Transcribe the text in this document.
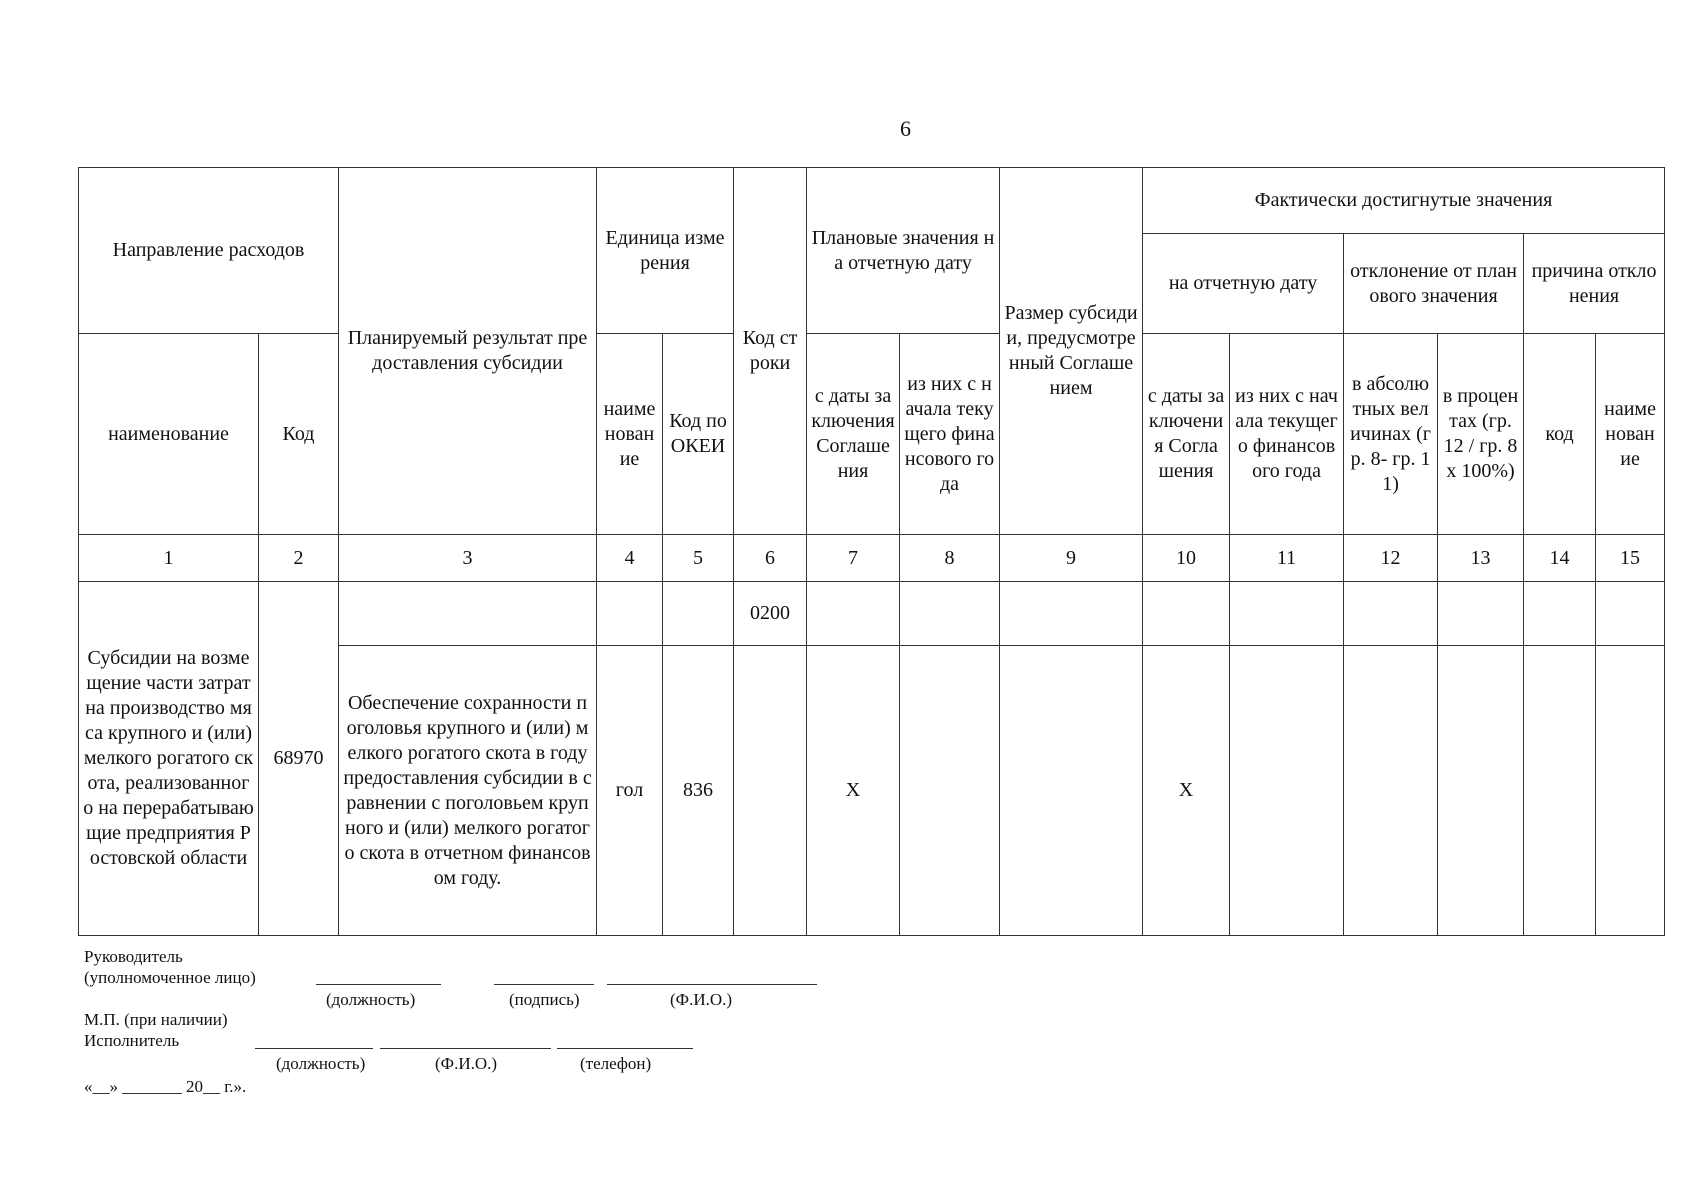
6
Направление расходов		Планируемый результат предоставления субсидии	Единица измерения		Код строки	Плановые значения на отчетную дату		Размер субсидии, предусмотренный Соглашением	Фактически достигнутые значения					
									на отчетную дату		отклонение от планового значения		причина отклонения	
наименование	Код		наименование	Код по ОКЕИ		с даты заключения Соглашения	из них с начала текущего финансового года		с даты заключения Соглашения	из них с начала текущего финансового года	в абсолютных величинах (гр. 8- гр. 11)	в процентах (гр. 12 / гр. 8 х 100%)	код	наименование
1	2	3	4	5	6	7	8	9	10	11	12	13	14	15
Субсидии на возмещение части затрат на производство мяса крупного и (или) мелкого рогатого скота, реализованного на перерабатывающие предприятия Ростовской области	68970				0200									
		Обеспечение сохранности поголовья крупного и (или) мелкого рогатого скота в году предоставления субсидии в сравнении с поголовьем крупного и (или) мелкого рогатого скота в отчетном финансовом году.	гол	836		X			X					
Руководитель
(уполномоченное лицо)
(должность)	(подпись)	(Ф.И.О.)
М.П. (при наличии)
Исполнитель
(должность)	(Ф.И.О.)	(телефон)
«__» _______ 20__ г.».
